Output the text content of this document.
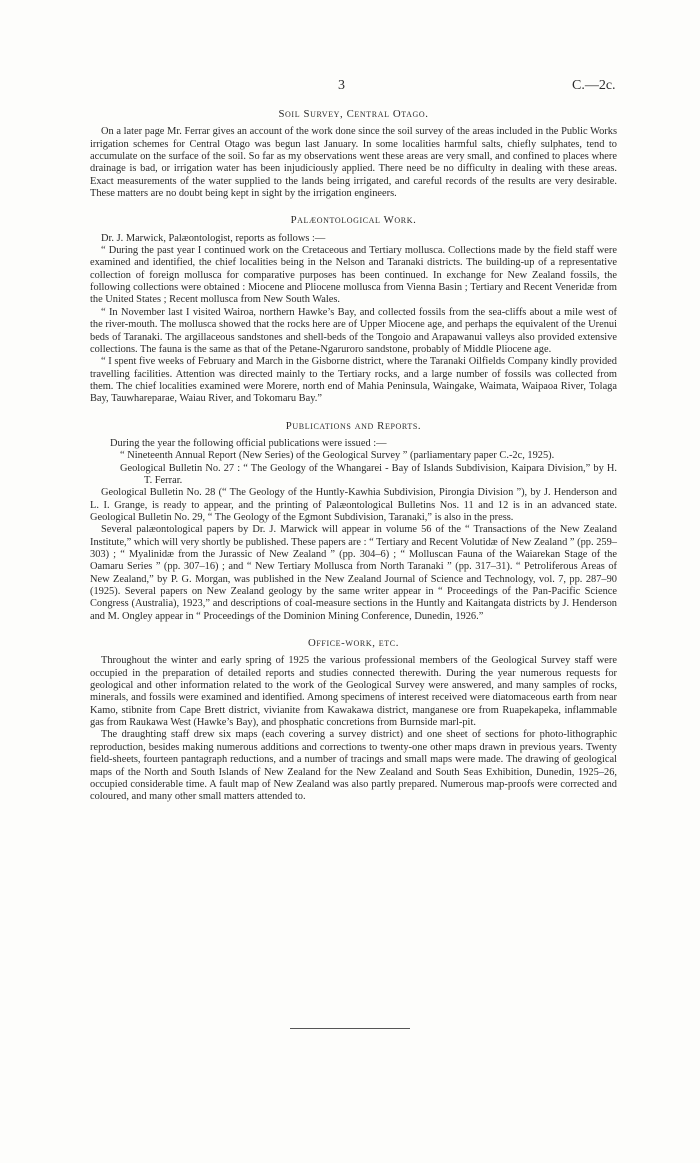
3	C.—2c.
Soil Survey, Central Otago.

On a later page Mr. Ferrar gives an account of the work done since the soil survey of the areas included in the Public Works irrigation schemes for Central Otago was begun last January. In some localities harmful salts, chiefly sulphates, tend to accumulate on the surface of the soil. So far as my observations went these areas are very small, and confined to places where drainage is bad, or irrigation water has been injudiciously applied. There need be no difficulty in dealing with these areas. Exact measurements of the water supplied to the lands being irrigated, and careful records of the results are very desirable. These matters are no doubt being kept in sight by the irrigation engineers.

Palæontological Work.

Dr. J. Marwick, Palæontologist, reports as follows :—

“ During the past year I continued work on the Cretaceous and Tertiary mollusca. Collections made by the field staff were examined and identified, the chief localities being in the Nelson and Taranaki districts. The building-up of a representative collection of foreign mollusca for comparative purposes has been continued. In exchange for New Zealand fossils, the following collections were obtained : Miocene and Pliocene mollusca from Vienna Basin ; Tertiary and Recent Veneridæ from the United States ; Recent mollusca from New South Wales.

“ In November last I visited Wairoa, northern Hawke’s Bay, and collected fossils from the sea-cliffs about a mile west of the river-mouth. The mollusca showed that the rocks here are of Upper Miocene age, and perhaps the equivalent of the Urenui beds of Taranaki. The argillaceous sandstones and shell-beds of the Tongoio and Arapawanui valleys also provided extensive collections. The fauna is the same as that of the Petane-Ngaruroro sandstone, probably of Middle Pliocene age.

“ I spent five weeks of February and March in the Gisborne district, where the Taranaki Oilfields Company kindly provided travelling facilities. Attention was directed mainly to the Tertiary rocks, and a large number of fossils was collected from them. The chief localities examined were Morere, north end of Mahia Peninsula, Waingake, Waimata, Waipaoa River, Tolaga Bay, Tauwhareparae, Waiau River, and Tokomaru Bay.”

Publications and Reports.

During the year the following official publications were issued :—

“ Nineteenth Annual Report (New Series) of the Geological Survey ” (parliamentary paper C.-2c, 1925).

Geological Bulletin No. 27 : “ The Geology of the Whangarei - Bay of Islands Subdivision, Kaipara Division,” by H. T. Ferrar.

Geological Bulletin No. 28 (“ The Geology of the Huntly-Kawhia Subdivision, Pirongia Division ”), by J. Henderson and L. I. Grange, is ready to appear, and the printing of Palæontological Bulletins Nos. 11 and 12 is in an advanced state. Geological Bulletin No. 29, “ The Geology of the Egmont Subdivision, Taranaki,” is also in the press.

Several palæontological papers by Dr. J. Marwick will appear in volume 56 of the “ Transactions of the New Zealand Institute,” which will very shortly be published. These papers are : “ Tertiary and Recent Volutidæ of New Zealand ” (pp. 259–303) ; “ Myalinidæ from the Jurassic of New Zealand ” (pp. 304–6) ; “ Molluscan Fauna of the Waiarekan Stage of the Oamaru Series ” (pp. 307–16) ; and “ New Tertiary Mollusca from North Taranaki ” (pp. 317–31). “ Petroliferous Areas of New Zealand,” by P. G. Morgan, was published in the New Zealand Journal of Science and Technology, vol. 7, pp. 287–90 (1925). Several papers on New Zealand geology by the same writer appear in “ Proceedings of the Pan-Pacific Science Congress (Australia), 1923,” and descriptions of coal-measure sections in the Huntly and Kaitangata districts by J. Henderson and M. Ongley appear in “ Proceedings of the Dominion Mining Conference, Dunedin, 1926.”

Office-work, etc.

Throughout the winter and early spring of 1925 the various professional members of the Geological Survey staff were occupied in the preparation of detailed reports and studies connected therewith. During the year numerous requests for geological and other information related to the work of the Geological Survey were answered, and many samples of rocks, minerals, and fossils were examined and identified. Among specimens of interest received were diatomaceous earth from near Kamo, stibnite from Cape Brett district, vivianite from Kawakawa district, manganese ore from Ruapekapeka, inflammable gas from Raukawa West (Hawke’s Bay), and phosphatic concretions from Burnside marl-pit.

The draughting staff drew six maps (each covering a survey district) and one sheet of sections for photo-lithographic reproduction, besides making numerous additions and corrections to twenty-one other maps drawn in previous years. Twenty field-sheets, fourteen pantagraph reductions, and a number of tracings and small maps were made. The drawing of geological maps of the North and South Islands of New Zealand for the New Zealand and South Seas Exhibition, Dunedin, 1925–26, occupied considerable time. A fault map of New Zealand was also partly prepared. Numerous map-proofs were corrected and coloured, and many other small matters attended to.
